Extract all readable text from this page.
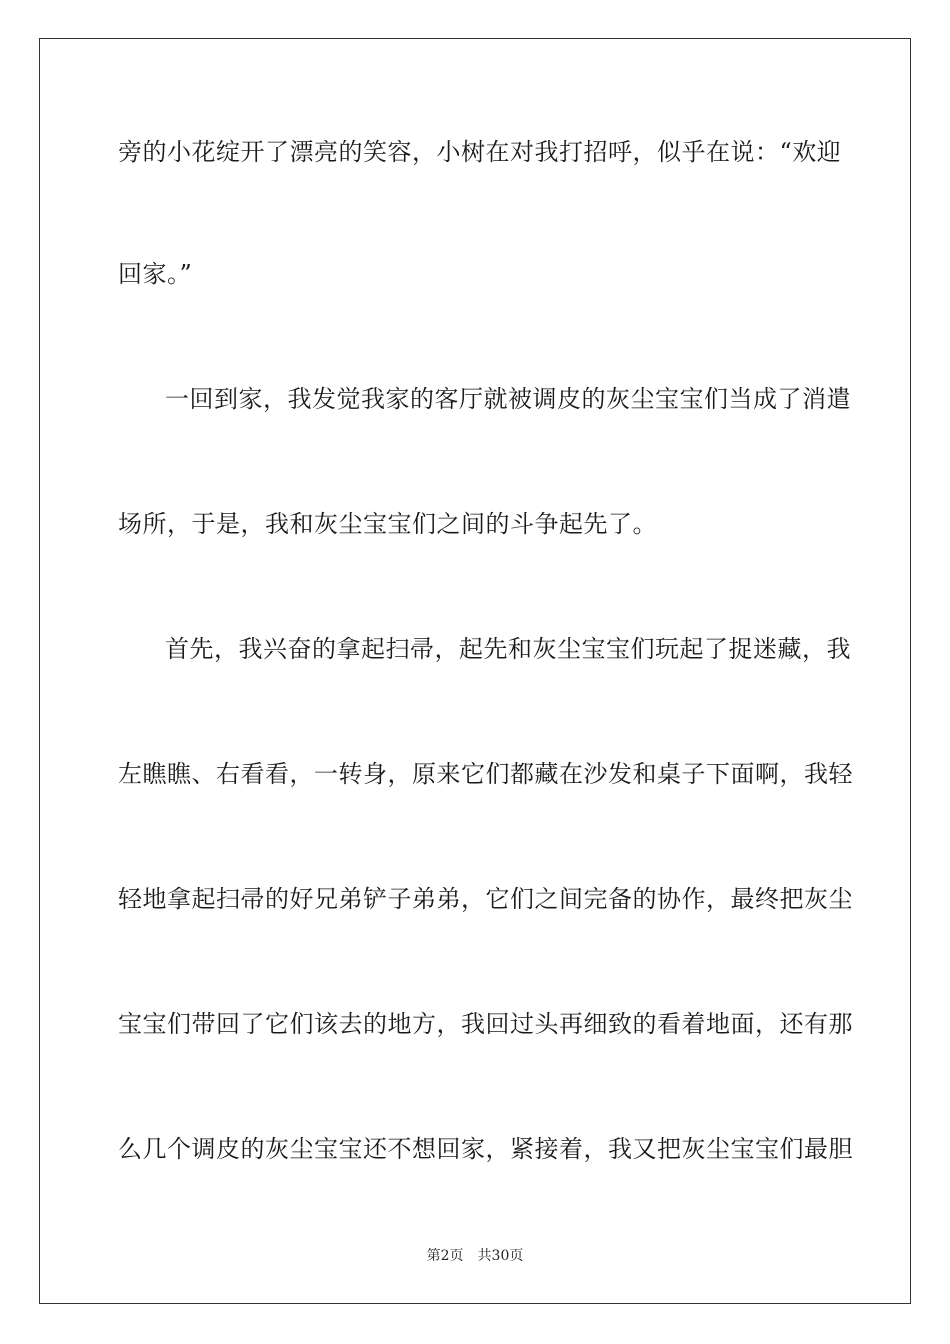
旁的小花绽开了漂亮的笑容，小树在对我打招呼，似乎在说：“欢迎
回家。”
一回到家，我发觉我家的客厅就被调皮的灰尘宝宝们当成了消遣
场所，于是，我和灰尘宝宝们之间的斗争起先了。
首先，我兴奋的拿起扫帚，起先和灰尘宝宝们玩起了捉迷藏，我
左瞧瞧、右看看，一转身，原来它们都藏在沙发和桌子下面啊，我轻
轻地拿起扫帚的好兄弟铲子弟弟，它们之间完备的协作，最终把灰尘
宝宝们带回了它们该去的地方，我回过头再细致的看着地面，还有那
么几个调皮的灰尘宝宝还不想回家，紧接着，我又把灰尘宝宝们最胆
第2页 共30页
